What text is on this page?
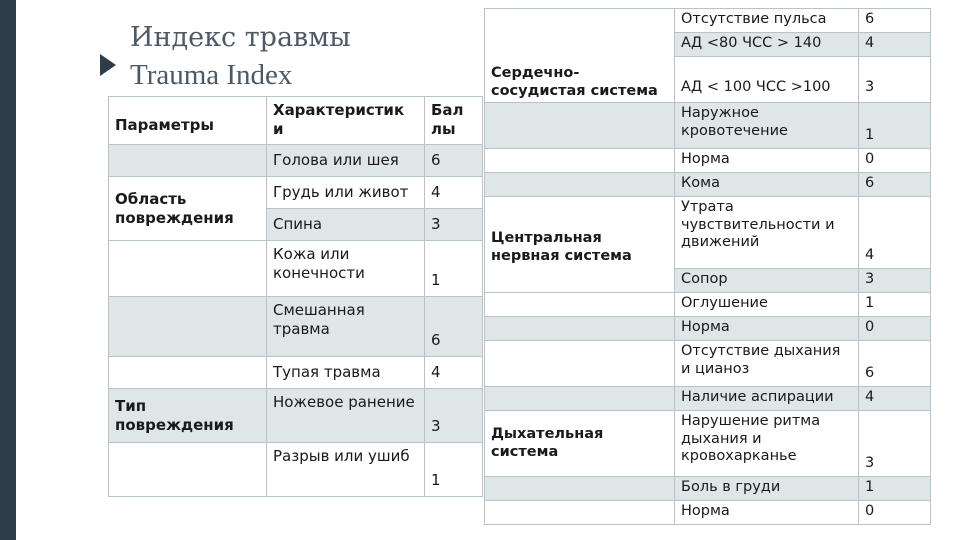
Индекс травмы
Trauma Index
Параметры	Характеристик и	Бал лы
	Голова или шея	6
Область повреждения	Грудь или живот	4
	Спина	3
	Кожа или конечности	1
	Смешанная травма	6
	Тупая травма	4
Тип повреждения	Ножевое ранение	3
	Разрыв или ушиб	1
Сердечно-сосудистая система	Отсутствие пульса	6
	АД <80 ЧСС > 140	4
	АД < 100 ЧСС >100	3
	Наружное кровотечение	1
	Норма	0
	Кома	6
Центральная нервная система	Утрата чувствительности и движений	4
	Сопор	3
	Оглушение	1
	Норма	0
	Отсутствие дыхания и цианоз	6
	Наличие аспирации	4
Дыхательная система	Нарушение ритма дыхания и кровохарканье	3
	Боль в груди	1
	Норма	0
